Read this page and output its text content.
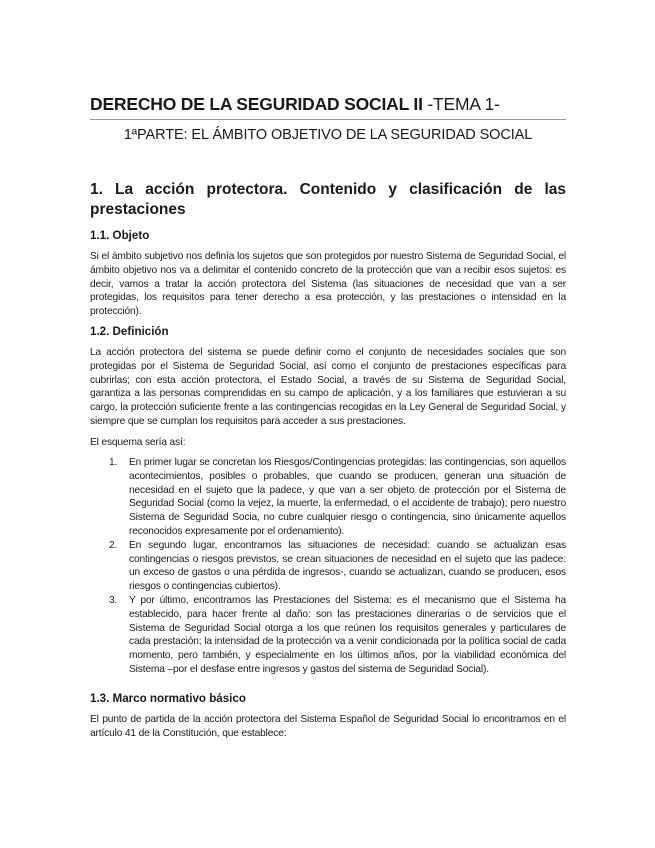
DERECHO DE LA SEGURIDAD SOCIAL II -TEMA 1-
1ªPARTE: EL ÁMBITO OBJETIVO DE LA SEGURIDAD SOCIAL
1. La acción protectora. Contenido y clasificación de las prestaciones
1.1. Objeto
Si el ámbito subjetivo nos definía los sujetos que son protegidos por nuestro Sistema de Seguridad Social, el ámbito objetivo nos va a delimitar el contenido concreto de la protección que van a recibir esos sujetos: es decir, vamos a tratar la acción protectora del Sistema (las situaciones de necesidad que van a ser protegidas, los requisitos para tener derecho a esa protección, y las prestaciones o intensidad en la protección).
1.2. Definición
La acción protectora del sistema se puede definir como el conjunto de necesidades sociales que son protegidas por el Sistema de Seguridad Social, así como el conjunto de prestaciones específicas para cubrirlas; con esta acción protectora, el Estado Social, a través de su Sistema de Seguridad Social, garantiza a las personas comprendidas en su campo de aplicación, y a los familiares que estuvieran a su cargo, la protección suficiente frente a las contingencias recogidas en la Ley General de Seguridad Social, y siempre que se cumplan los requisitos para acceder a sus prestaciones.
El esquema sería así:
1. En primer lugar se concretan los Riesgos/Contingencias protegidas: las contingencias, son aquellos acontecimientos, posibles o probables, que cuando se producen, generan una situación de necesidad en el sujeto que la padece, y que van a ser objeto de protección por el Sistema de Seguridad Social (como la vejez, la muerte, la enfermedad, o el accidente de trabajo); pero nuestro Sistema de Seguridad Socia, no cubre cualquier riesgo o contingencia, sino únicamente aquellos reconocidos expresamente por el ordenamiento).
2. En segundo lugar, encontramos las situaciones de necesidad: cuando se actualizan esas contingencias o riesgos previstos, se crean situaciones de necesidad en el sujeto que las padece: un exceso de gastos o una pérdida de ingresos-, cuando se actualizan, cuando se producen, esos riesgos o contingencias cubiertos).
3. Y por último, encontramos las Prestaciones del Sistema: es el mecanismo que el Sistema ha establecido, para hacer frente al daño: son las prestaciones dinerarias o de servicios que el Sistema de Seguridad Social otorga a los que reúnen los requisitos generales y particulares de cada prestación; la intensidad de la protección va a venir condicionada por la política social de cada momento, pero también, y especialmente en los últimos años, por la viabilidad económica del Sistema –por el desfase entre ingresos y gastos del sistema de Seguridad Social).
1.3. Marco normativo básico
El punto de partida de la acción protectora del Sistema Español de Seguridad Social lo encontramos en el artículo 41 de la Constitución, que establece:
